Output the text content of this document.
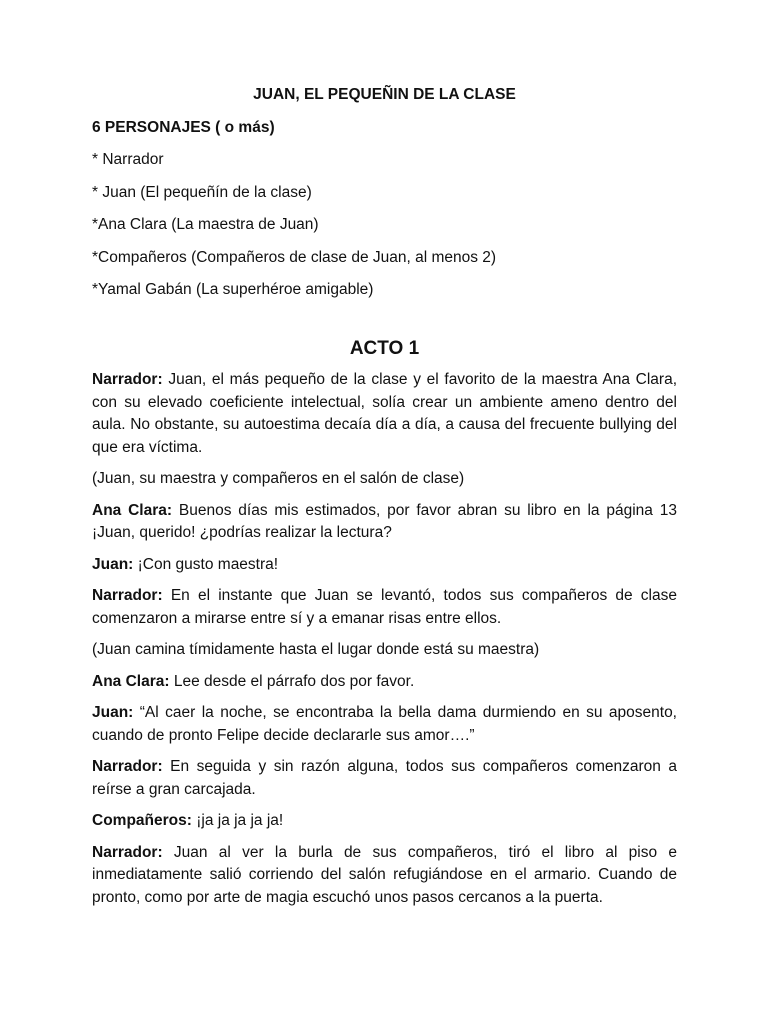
JUAN, EL PEQUEÑIN DE LA CLASE
6 PERSONAJES ( o más)
* Narrador
* Juan (El pequeñín de la clase)
*Ana Clara (La maestra de Juan)
*Compañeros (Compañeros de clase de Juan, al menos 2)
*Yamal Gabán (La superhéroe amigable)
ACTO 1

Narrador: Juan, el más pequeño de la clase y el favorito de la maestra Ana Clara, con su elevado coeficiente intelectual, solía crear un ambiente ameno dentro del aula. No obstante, su autoestima decaía día a día, a causa del frecuente bullying del que era víctima.

(Juan, su maestra y compañeros en el salón de clase)

Ana Clara: Buenos días mis estimados, por favor abran su libro en la página 13 ¡Juan, querido! ¿podrías realizar la lectura?

Juan: ¡Con gusto maestra!

Narrador: En el instante que Juan se levantó, todos sus compañeros de clase comenzaron a mirarse entre sí y a emanar risas entre ellos.

(Juan camina tímidamente hasta el lugar donde está su maestra)

Ana Clara: Lee desde el párrafo dos por favor.

Juan: “Al caer la noche, se encontraba la bella dama durmiendo en su aposento, cuando de pronto Felipe decide declararle sus amor….”

Narrador: En seguida y sin razón alguna, todos sus compañeros comenzaron a reírse a gran carcajada.

Compañeros: ¡ja ja ja ja ja!

Narrador: Juan al ver la burla de sus compañeros, tiró el libro al piso e inmediatamente salió corriendo del salón refugiándose en el armario. Cuando de pronto, como por arte de magia escuchó unos pasos cercanos a la puerta.
